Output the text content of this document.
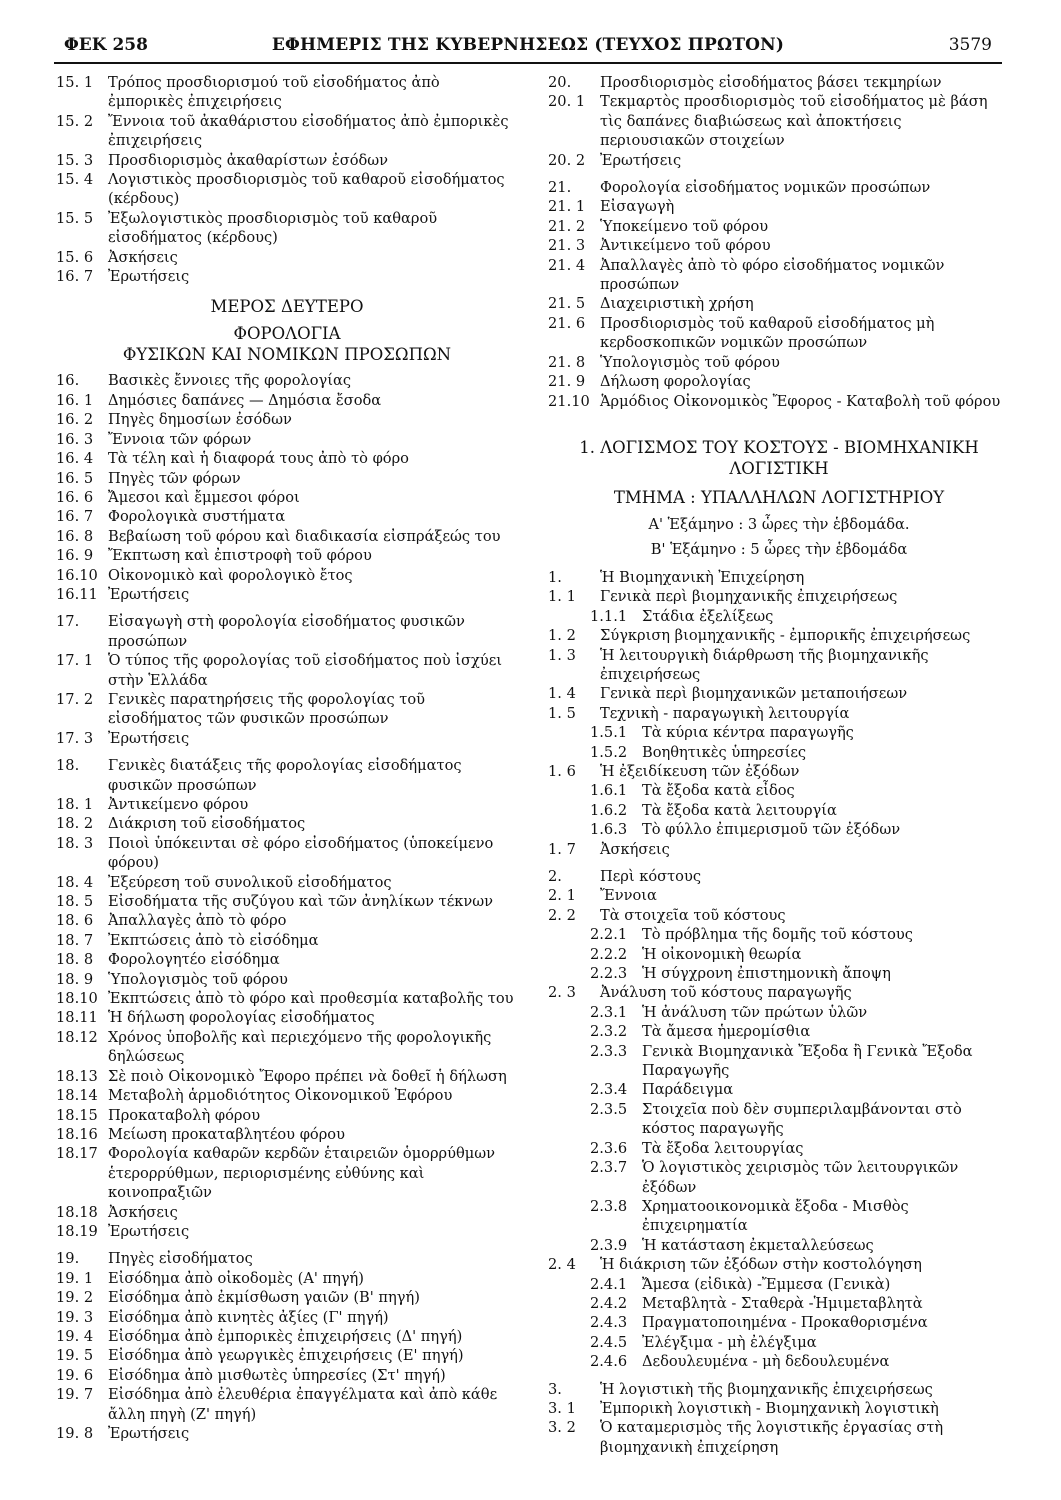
ΦΕΚ 258	ΕΦΗΜΕΡΙΣ ΤΗΣ ΚΥΒΕΡΝΗΣΕΩΣ (ΤΕΥΧΟΣ ΠΡΩΤΟΝ)	3579
15. 1	Τρόπος προσδιορισμού τοῦ εἰσοδήματος ἀπὸ ἐμπορικὲς ἐπιχειρήσεις
15. 2	Ἔννοια τοῦ ἀκαθάριστου εἰσοδήματος ἀπὸ ἐμπορικὲς ἐπιχειρήσεις
15. 3	Προσδιορισμὸς ἀκαθαρίστων ἐσόδων
15. 4	Λογιστικὸς προσδιορισμὸς τοῦ καθαροῦ εἰσοδήματος (κέρδους)
15. 5	Ἐξωλογιστικὸς προσδιορισμὸς τοῦ καθαροῦ εἰσοδήματος (κέρδους)
15. 6	Ἀσκήσεις
16. 7	Ἐρωτήσεις
ΜΕΡΟΣ ΔΕΥΤΕΡΟ
ΦΟΡΟΛΟΓΙΑ
ΦΥΣΙΚΩΝ ΚΑΙ ΝΟΜΙΚΩΝ ΠΡΟΣΩΠΩΝ
16.	Βασικὲς ἔννοιες τῆς φορολογίας
16. 1	Δημόσιες δαπάνες — Δημόσια ἔσοδα
16. 2	Πηγὲς δημοσίων ἐσόδων
16. 3	Ἔννοια τῶν φόρων
16. 4	Τὰ τέλη καὶ ἡ διαφορά τους ἀπὸ τὸ φόρο
16. 5	Πηγὲς τῶν φόρων
16. 6	Ἄμεσοι καὶ ἔμμεσοι φόροι
16. 7	Φορολογικὰ συστήματα
16. 8	Βεβαίωση τοῦ φόρου καὶ διαδικασία εἰσπράξεώς του
16. 9	Ἔκπτωση καὶ ἐπιστροφὴ τοῦ φόρου
16.10 Οἰκονομικὸ καὶ φορολογικὸ ἔτος
16.11 Ἐρωτήσεις
17.	Εἰσαγωγὴ στὴ φορολογία εἰσοδήματος φυσικῶν προσώπων
17. 1	Ὁ τύπος τῆς φορολογίας τοῦ εἰσοδήματος ποὺ ἰσχύει στὴν Ἑλλάδα
17. 2	Γενικὲς παρατηρήσεις τῆς φορολογίας τοῦ εἰσοδήματος τῶν φυσικῶν προσώπων
17. 3	Ἐρωτήσεις
18.	Γενικὲς διατάξεις τῆς φορολογίας εἰσοδήματος φυσικῶν προσώπων
18. 1	Ἀντικείμενο φόρου
18. 2	Διάκριση τοῦ εἰσοδήματος
18. 3	Ποιοὶ ὑπόκεινται σὲ φόρο εἰσοδήματος (ὑποκείμενο φόρου)
18. 4	Ἐξεύρεση τοῦ συνολικοῦ εἰσοδήματος
18. 5	Εἰσοδήματα τῆς συζύγου καὶ τῶν ἀνηλίκων τέκνων
18. 6	Ἀπαλλαγὲς ἀπὸ τὸ φόρο
18. 7	Ἐκπτώσεις ἀπὸ τὸ εἰσόδημα
18. 8	Φορολογητέο εἰσόδημα
18. 9	Ὑπολογισμὸς τοῦ φόρου
18.10 Ἐκπτώσεις ἀπὸ τὸ φόρο καὶ προθεσμία καταβολῆς του
18.11 Ἡ δήλωση φορολογίας εἰσοδήματος
18.12 Χρόνος ὑποβολῆς καὶ περιεχόμενο τῆς φορολογικῆς δηλώσεως
18.13 Σὲ ποιὸ Οἰκονομικὸ Ἔφορο πρέπει νὰ δοθεῖ ἡ δήλωση
18.14 Μεταβολὴ ἁρμοδιότητος Οἰκονομικοῦ Ἐφόρου
18.15 Προκαταβολὴ φόρου
18.16 Μείωση προκαταβλητέου φόρου
18.17 Φορολογία καθαρῶν κερδῶν ἑταιρειῶν ὁμορρύθμων ἑτερορρύθμων, περιορισμένης εὐθύνης καὶ κοινοπραξιῶν
18.18 Ἀσκήσεις
18.19 Ἐρωτήσεις
19.	Πηγὲς εἰσοδήματος
19. 1	Εἰσόδημα ἀπὸ οἰκοδομὲς (Α' πηγή)
19. 2	Εἰσόδημα ἀπὸ ἐκμίσθωση γαιῶν (Β' πηγή)
19. 3	Εἰσόδημα ἀπὸ κινητὲς ἀξίες (Γ' πηγή)
19. 4	Εἰσόδημα ἀπὸ ἐμπορικὲς ἐπιχειρήσεις (Δ' πηγή)
19. 5	Εἰσόδημα ἀπὸ γεωργικὲς ἐπιχειρήσεις (Ε' πηγή)
19. 6	Εἰσόδημα ἀπὸ μισθωτὲς ὑπηρεσίες (Στ' πηγή)
19. 7	Εἰσόδημα ἀπὸ ἐλευθέρια ἐπαγγέλματα καὶ ἀπὸ κάθε ἄλλη πηγὴ (Ζ' πηγή)
19. 8	Ἐρωτήσεις
20.	Προσδιορισμὸς εἰσοδήματος βάσει τεκμηρίων
20. 1	Τεκμαρτὸς προσδιορισμὸς τοῦ εἰσοδήματος μὲ βάση τὶς δαπάνες διαβιώσεως καὶ ἀποκτήσεις περιουσιακῶν στοιχείων
20. 2	Ἐρωτήσεις
21.	Φορολογία εἰσοδήματος νομικῶν προσώπων
21. 1	Εἰσαγωγὴ
21. 2	Ὑποκείμενο τοῦ φόρου
21. 3	Ἀντικείμενο τοῦ φόρου
21. 4	Ἀπαλλαγὲς ἀπὸ τὸ φόρο εἰσοδήματος νομικῶν προσώπων
21. 5	Διαχειριστικὴ χρήση
21. 6	Προσδιορισμὸς τοῦ καθαροῦ εἰσοδήματος μὴ κερδοσκοπικῶν νομικῶν προσώπων
21. 8	Ὑπολογισμὸς τοῦ φόρου
21. 9	Δήλωση φορολογίας
21.10 Ἁρμόδιος Οἰκονομικὸς Ἔφορος - Καταβολὴ τοῦ φόρου
1. ΛΟΓΙΣΜΟΣ ΤΟΥ ΚΟΣΤΟΥΣ - ΒΙΟΜΗΧΑΝΙΚΗ
ΛΟΓΙΣΤΙΚΗ
ΤΜΗΜΑ : ΥΠΑΛΛΗΛΩΝ ΛΟΓΙΣΤΗΡΙΟΥ
Α' Ἑξάμηνο : 3 ὧρες τὴν ἑβδομάδα.
Β' Ἑξάμηνο : 5 ὧρες τὴν ἑβδομάδα
1.	Ἡ Βιομηχανικὴ Ἐπιχείρηση
1. 1	Γενικὰ περὶ βιομηχανικῆς ἐπιχειρήσεως
1.1.1	Στάδια ἐξελίξεως
1. 2	Σύγκριση βιομηχανικῆς - ἐμπορικῆς ἐπιχειρήσεως
1. 3	Ἡ λειτουργικὴ διάρθρωση τῆς βιομηχανικῆς ἐπιχειρήσεως
1. 4	Γενικὰ περὶ βιομηχανικῶν μεταποιήσεων
1. 5	Τεχνικὴ - παραγωγικὴ λειτουργία
1.5.1	Τὰ κύρια κέντρα παραγωγῆς
1.5.2	Βοηθητικὲς ὑπηρεσίες
1. 6	Ἡ ἐξειδίκευση τῶν ἐξόδων
1.6.1	Τὰ ἔξοδα κατὰ εἶδος
1.6.2	Τὰ ἔξοδα κατὰ λειτουργία
1.6.3	Τὸ φύλλο ἐπιμερισμοῦ τῶν ἐξόδων
1. 7	Ἀσκήσεις
2.	Περὶ κόστους
2. 1	Ἔννοια
2. 2	Τὰ στοιχεῖα τοῦ κόστους
2.2.1	Τὸ πρόβλημα τῆς δομῆς τοῦ κόστους
2.2.2	Ἡ οἰκονομικὴ θεωρία
2.2.3	Ἡ σύγχρονη ἐπιστημονικὴ ἄποψη
2. 3	Ἀνάλυση τοῦ κόστους παραγωγῆς
2.3.1	Ἡ ἀνάλυση τῶν πρώτων ὑλῶν
2.3.2	Τὰ ἄμεσα ἡμερομίσθια
2.3.3	Γενικὰ Βιομηχανικὰ Ἔξοδα ἢ Γενικὰ Ἔξοδα Παραγωγῆς
2.3.4	Παράδειγμα
2.3.5	Στοιχεῖα ποὺ δὲν συμπεριλαμβάνονται στὸ κόστος παραγωγῆς
2.3.6	Τὰ ἔξοδα λειτουργίας
2.3.7	Ὁ λογιστικὸς χειρισμὸς τῶν λειτουργικῶν ἐξόδων
2.3.8	Χρηματοοικονομικὰ ἔξοδα - Μισθὸς ἐπιχειρηματία
2.3.9	Ἡ κατάσταση ἐκμεταλλεύσεως
2. 4	Ἡ διάκριση τῶν ἐξόδων στὴν κοστολόγηση
2.4.1	Ἄμεσα (εἰδικὰ) -Ἔμμεσα (Γενικὰ)
2.4.2	Μεταβλητὰ - Σταθερὰ -Ἡμιμεταβλητὰ
2.4.3	Πραγματοποιημένα - Προκαθορισμένα
2.4.5	Ἐλέγξιμα - μὴ ἐλέγξιμα
2.4.6	Δεδουλευμένα - μὴ δεδουλευμένα
3.	Ἡ λογιστικὴ τῆς βιομηχανικῆς ἐπιχειρήσεως
3. 1	Ἐμπορικὴ λογιστικὴ - Βιομηχανικὴ λογιστικὴ
3. 2	Ὁ καταμερισμὸς τῆς λογιστικῆς ἐργασίας στὴ βιομηχανικὴ ἐπιχείρηση
